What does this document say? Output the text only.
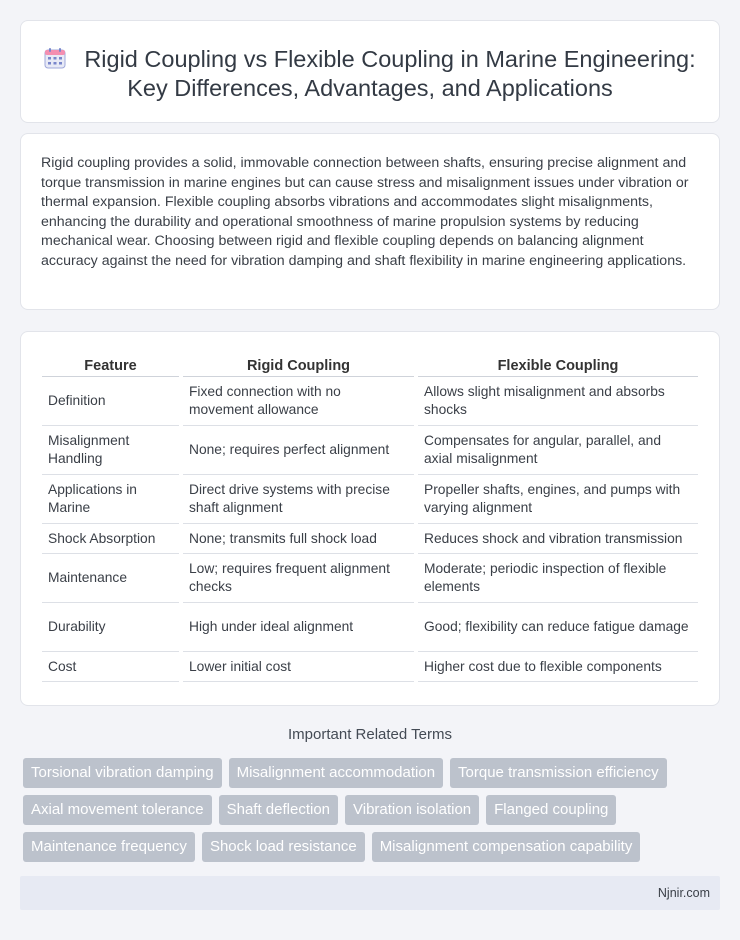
Rigid Coupling vs Flexible Coupling in Marine Engineering: Key Differences, Advantages, and Applications

Rigid coupling provides a solid, immovable connection between shafts, ensuring precise alignment and torque transmission in marine engines but can cause stress and misalignment issues under vibration or thermal expansion. Flexible coupling absorbs vibrations and accommodates slight misalignments, enhancing the durability and operational smoothness of marine propulsion systems by reducing mechanical wear. Choosing between rigid and flexible coupling depends on balancing alignment accuracy against the need for vibration damping and shaft flexibility in marine engineering applications.

Feature	Rigid Coupling	Flexible Coupling
Definition	Fixed connection with no movement allowance	Allows slight misalignment and absorbs shocks
Misalignment Handling	None; requires perfect alignment	Compensates for angular, parallel, and axial misalignment
Applications in Marine	Direct drive systems with precise shaft alignment	Propeller shafts, engines, and pumps with varying alignment
Shock Absorption	None; transmits full shock load	Reduces shock and vibration transmission
Maintenance	Low; requires frequent alignment checks	Moderate; periodic inspection of flexible elements
Durability	High under ideal alignment	Good; flexibility can reduce fatigue damage
Cost	Lower initial cost	Higher cost due to flexible components
Important Related Terms
Torsional vibration damping	Misalignment accommodation	Torque transmission efficiency
Axial movement tolerance	Shaft deflection	Vibration isolation	Flanged coupling
Maintenance frequency	Shock load resistance	Misalignment compensation capability
Njnir.com
